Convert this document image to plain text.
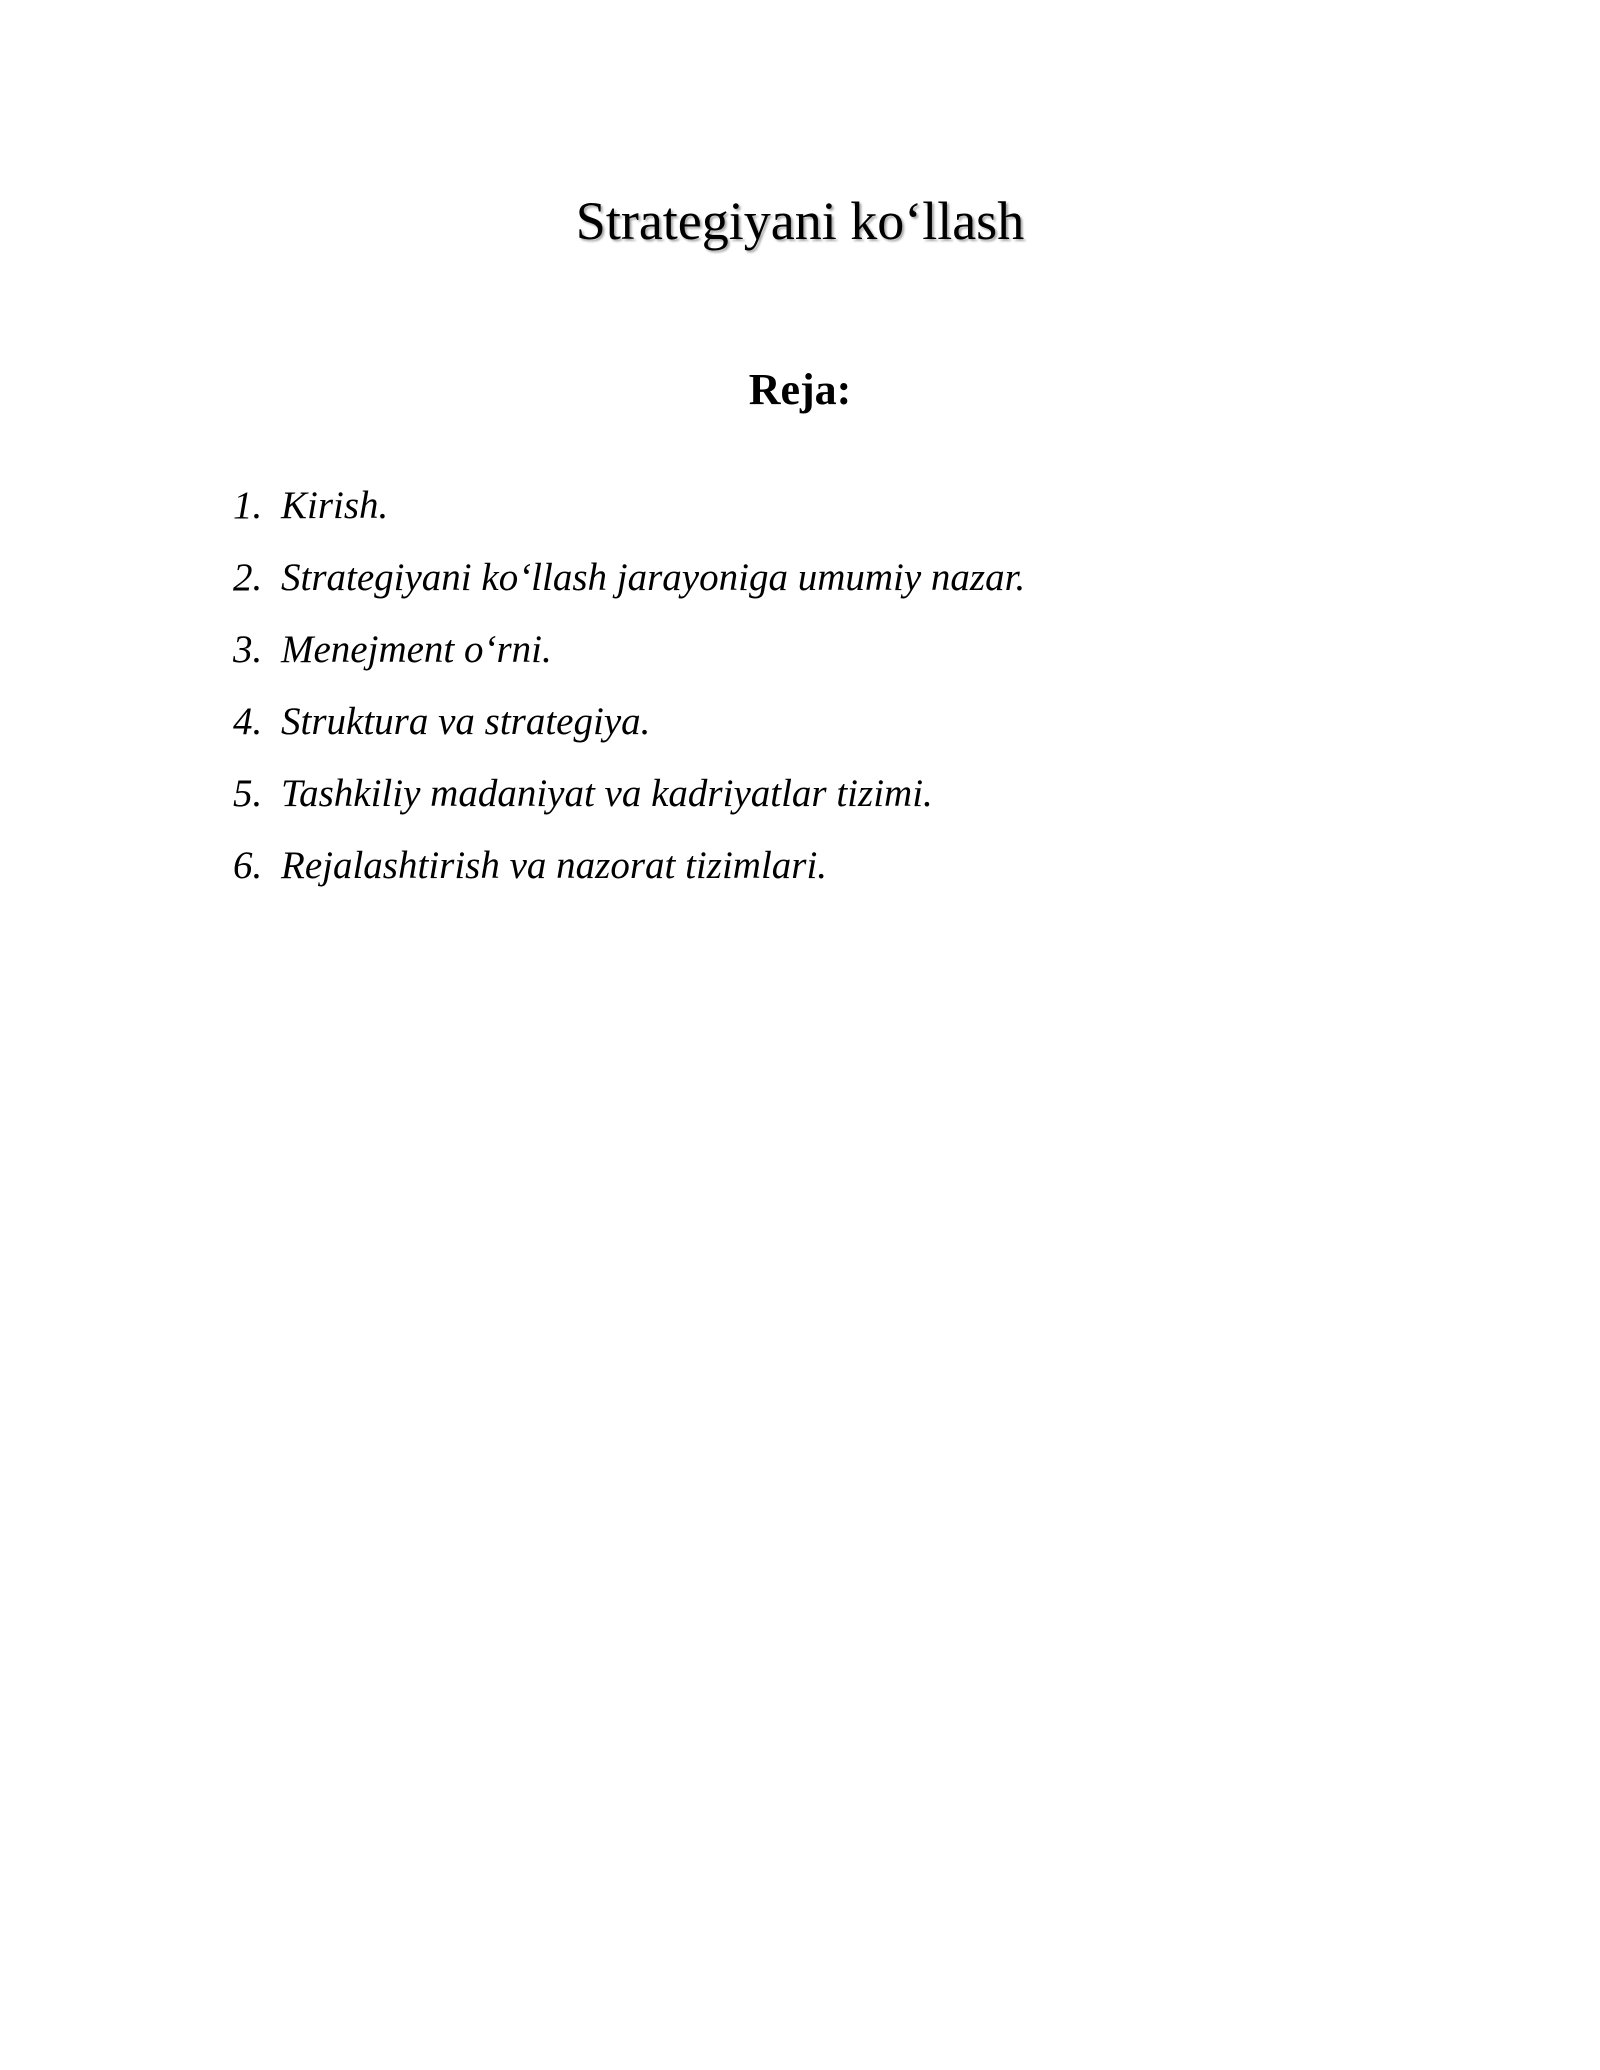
Strategiyani ko‘llash
Reja:
1. Kirish.
2. Strategiyani ko‘llash jarayoniga umumiy nazar.
3. Menejment o‘rni.
4. Struktura va strategiya.
5. Tashkiliy madaniyat va kadriyatlar tizimi.
6. Rejalashtirish va nazorat tizimlari.
